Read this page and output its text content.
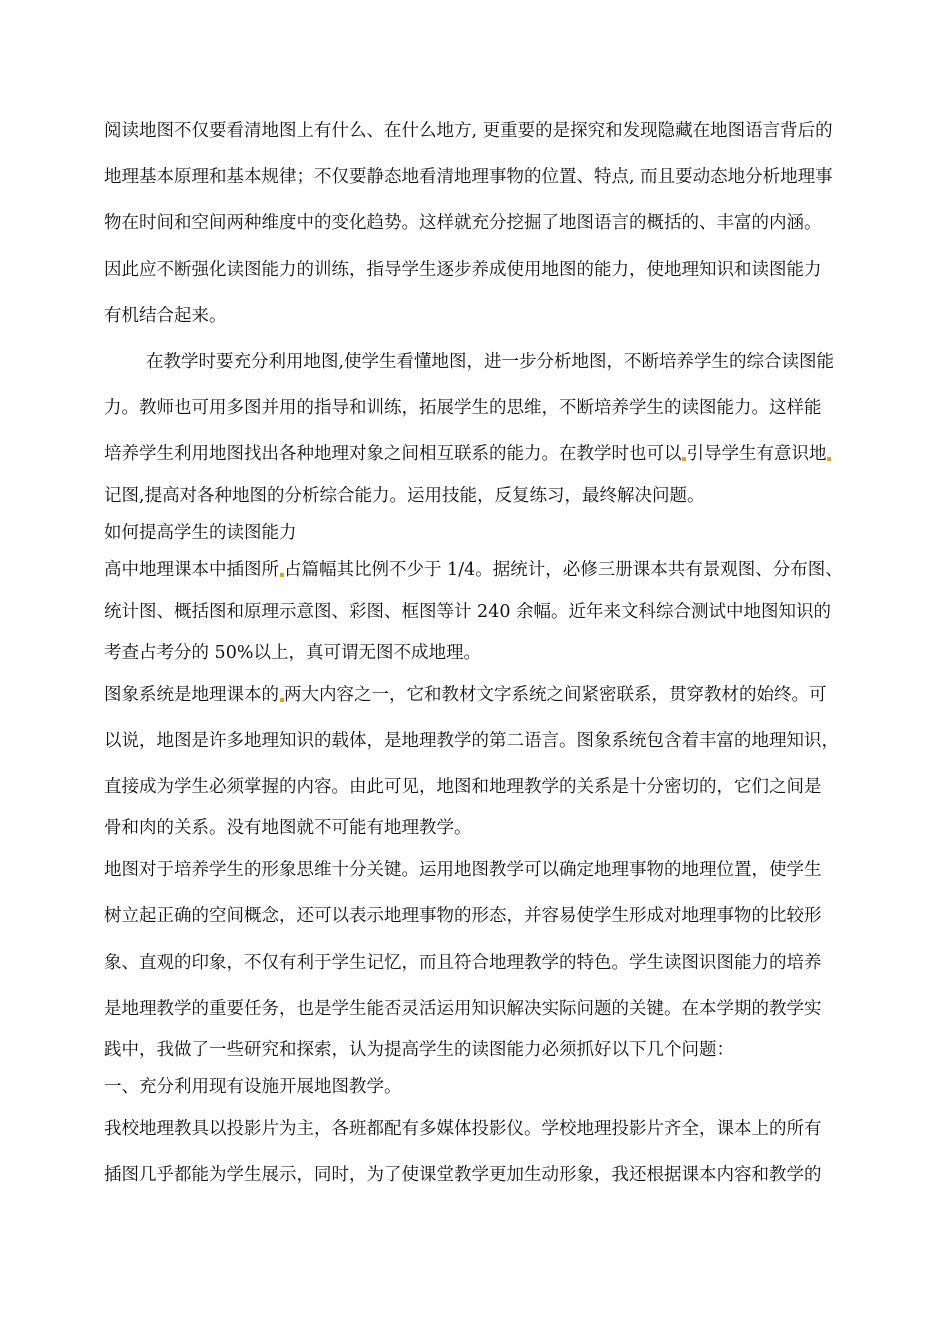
阅读地图不仅要看清地图上有什么、在什么地方, 更重要的是探究和发现隐藏在地图语言背后的
地理基本原理和基本规律；不仅要静态地看清地理事物的位置、特点, 而且要动态地分析地理事
物在时间和空间两种维度中的变化趋势。这样就充分挖掘了地图语言的概括的、丰富的内涵。
因此应不断强化读图能力的训练，指导学生逐步养成使用地图的能力，使地理知识和读图能力
有机结合起来。
在教学时要充分利用地图,使学生看懂地图，进一步分析地图，不断培养学生的综合读图能
力。教师也可用多图并用的指导和训练，拓展学生的思维，不断培养学生的读图能力。这样能
培养学生利用地图找出各种地理对象之间相互联系的能力。在教学时也可以 引导学生有意识地
记图,提高对各种地图的分析综合能力。运用技能，反复练习，最终解决问题。
如何提高学生的读图能力
高中地理课本中插图所 占篇幅其比例不少于 1/4。据统计，必修三册课本共有景观图、分布图、
统计图、概括图和原理示意图、彩图、框图等计 240 余幅。近年来文科综合测试中地图知识的
考查占考分的 50%以上，真可谓无图不成地理。
图象系统是地理课本的 两大内容之一，它和教材文字系统之间紧密联系，贯穿教材的始终。可
以说，地图是许多地理知识的载体，是地理教学的第二语言。图象系统包含着丰富的地理知识，
直接成为学生必须掌握的内容。由此可见，地图和地理教学的关系是十分密切的，它们之间是
骨和肉的关系。没有地图就不可能有地理教学。
地图对于培养学生的形象思维十分关键。运用地图教学可以确定地理事物的地理位置，使学生
树立起正确的空间概念，还可以表示地理事物的形态，并容易使学生形成对地理事物的比较形
象、直观的印象，不仅有利于学生记忆，而且符合地理教学的特色。学生读图识图能力的培养
是地理教学的重要任务，也是学生能否灵活运用知识解决实际问题的关键。在本学期的教学实
践中，我做了一些研究和探索，认为提高学生的读图能力必须抓好以下几个问题：
一、充分利用现有设施开展地图教学。
我校地理教具以投影片为主，各班都配有多媒体投影仪。学校地理投影片齐全，课本上的所有
插图几乎都能为学生展示，同时，为了使课堂教学更加生动形象，我还根据课本内容和教学的
